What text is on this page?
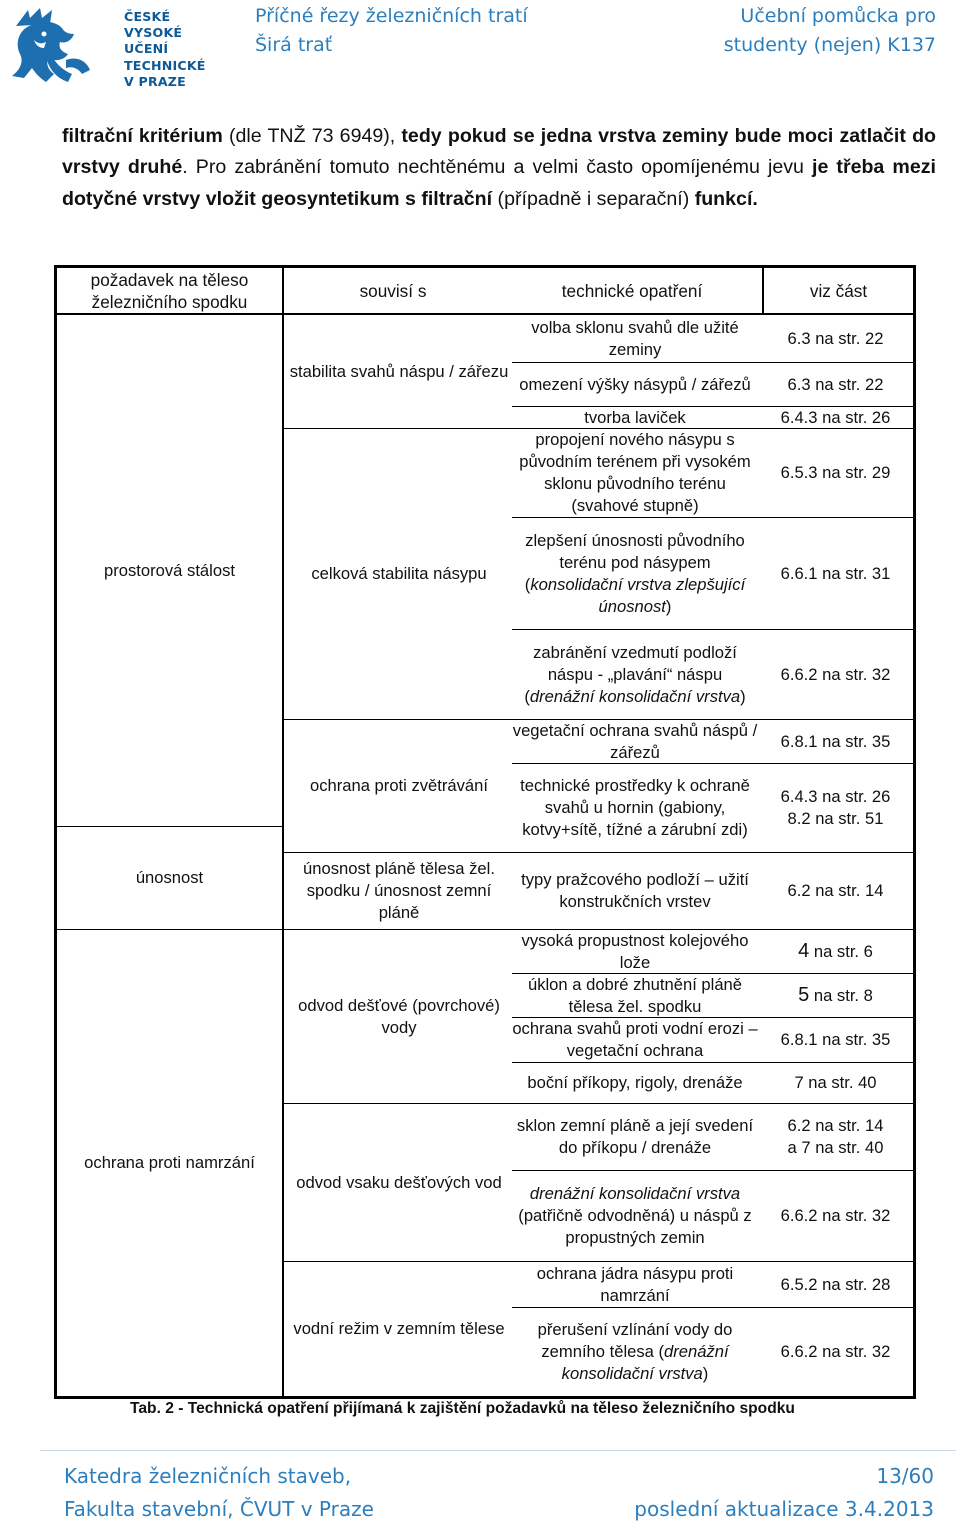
ČESKÉ
VYSOKÉ
UČENÍ
TECHNICKÉ
V PRAZE
Příčné řezy železničních tratí
Širá trať
Učební pomůcka pro
studenty (nejen) K137

filtrační kritérium (dle TNŽ 73 6949), tedy pokud se jedna vrstva zeminy bude moci zatlačit do vrstvy druhé. Pro zabránění tomuto nechtěnému a velmi často opomíjenému jevu je třeba mezi dotyčné vrstvy vložit geosyntetikum s filtrační (případně i separační) funkcí.

požadavek na těleso železničního spodku
souvisí s	technické opatření	viz část
prostorová stálost
únosnost
ochrana proti namrzání
stabilita svahů náspu / zářezu
celková stabilita násypu
ochrana proti zvětrávání
únosnost pláně tělesa žel. spodku / únosnost zemní pláně
odvod dešťové (povrchové) vody
odvod vsaku dešťových vod
vodní režim v zemním tělese
volba sklonu svahů dle užité zeminy
omezení výšky násypů / zářezů
tvorba laviček
propojení nového násypu s původním terénem při vysokém sklonu původního terénu (svahové stupně)
zlepšení únosnosti původního terénu pod násypem (konsolidační vrstva zlepšující únosnost)
zabránění vzedmutí podloží náspu - „plavání“ náspu (drenážní konsolidační vrstva)
vegetační ochrana svahů náspů / zářezů
technické prostředky k ochraně svahů u hornin (gabiony, kotvy+sítě, tížné a zárubní zdi)
typy pražcového podloží – užití konstrukčních vrstev
vysoká propustnost kolejového lože
úklon a dobré zhutnění pláně tělesa žel. spodku
ochrana svahů proti vodní erozi – vegetační ochrana
boční příkopy, rigoly, drenáže
sklon zemní pláně a její svedení do příkopu / drenáže
drenážní konsolidační vrstva (patřičně odvodněná) u náspů z propustných zemin
ochrana jádra násypu proti namrzání
přerušení vzlínání vody do zemního tělesa (drenážní konsolidační vrstva)
6.3 na str. 22
6.3 na str. 22
6.4.3 na str. 26
6.5.3 na str. 29
6.6.1 na str. 31
6.6.2 na str. 32
6.8.1 na str. 35
6.4.3 na str. 26
8.2 na str. 51
6.2 na str. 14
4 na str. 6
5 na str. 8
6.8.1 na str. 35
7 na str. 40
6.2 na str. 14
a 7 na str. 40
6.6.2 na str. 32
6.5.2 na str. 28
6.6.2 na str. 32
Tab. 2 - Technická opatření přijímaná k zajištění požadavků na těleso železničního spodku
Katedra železničních staveb,
Fakulta stavební, ČVUT v Praze
13/60
poslední aktualizace 3.4.2013
